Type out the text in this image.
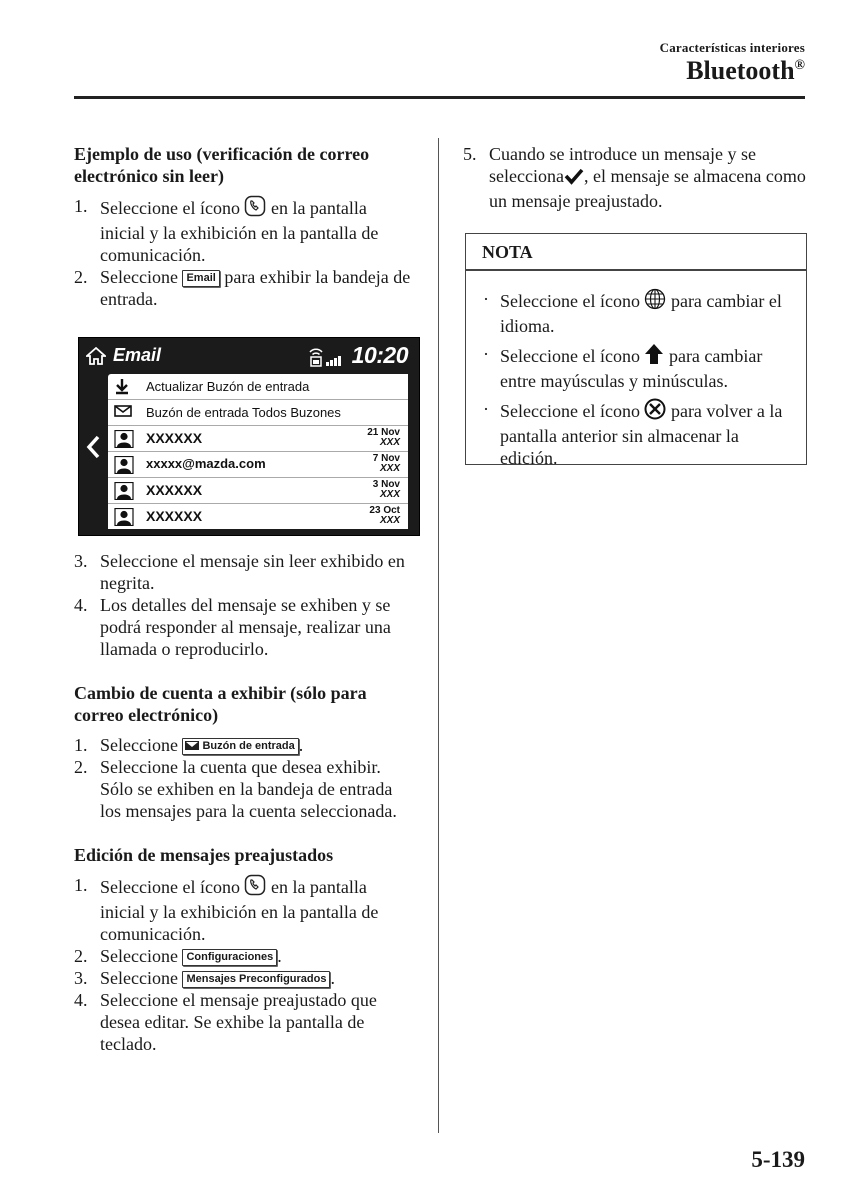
Características interiores
Bluetooth®
Ejemplo de uso (verificación de correo electrónico sin leer)
1. Seleccione el ícono en la pantalla inicial y la exhibición en la pantalla de comunicación.
2. Seleccione Email para exhibir la bandeja de entrada.
3. Seleccione el mensaje sin leer exhibido en negrita.
4. Los detalles del mensaje se exhiben y se podrá responder al mensaje, realizar una llamada o reproducirlo.
Cambio de cuenta a exhibir (sólo para correo electrónico)
1. Seleccione Buzón de entrada .
2. Seleccione la cuenta que desea exhibir. Sólo se exhiben en la bandeja de entrada los mensajes para la cuenta seleccionada.
Edición de mensajes preajustados
1. Seleccione el ícono en la pantalla inicial y la exhibición en la pantalla de comunicación.
2. Seleccione Configuraciones .
3. Seleccione Mensajes Preconfigurados .
4. Seleccione el mensaje preajustado que desea editar. Se exhibe la pantalla de teclado.
Email	10:20
Actualizar Buzón de entrada
Buzón de entrada Todos Buzones
XXXXXX	21 Nov
XXX
xxxxx@mazda.com	7 Nov
XXX
XXXXXX	3 Nov
XXX
XXXXXX	23 Oct
XXX
5. Cuando se introduce un mensaje y se selecciona , el mensaje se almacena como un mensaje preajustado.
NOTA
· Seleccione el ícono para cambiar el idioma.
· Seleccione el ícono para cambiar entre mayúsculas y minúsculas.
· Seleccione el ícono para volver a la pantalla anterior sin almacenar la edición.
5-139
